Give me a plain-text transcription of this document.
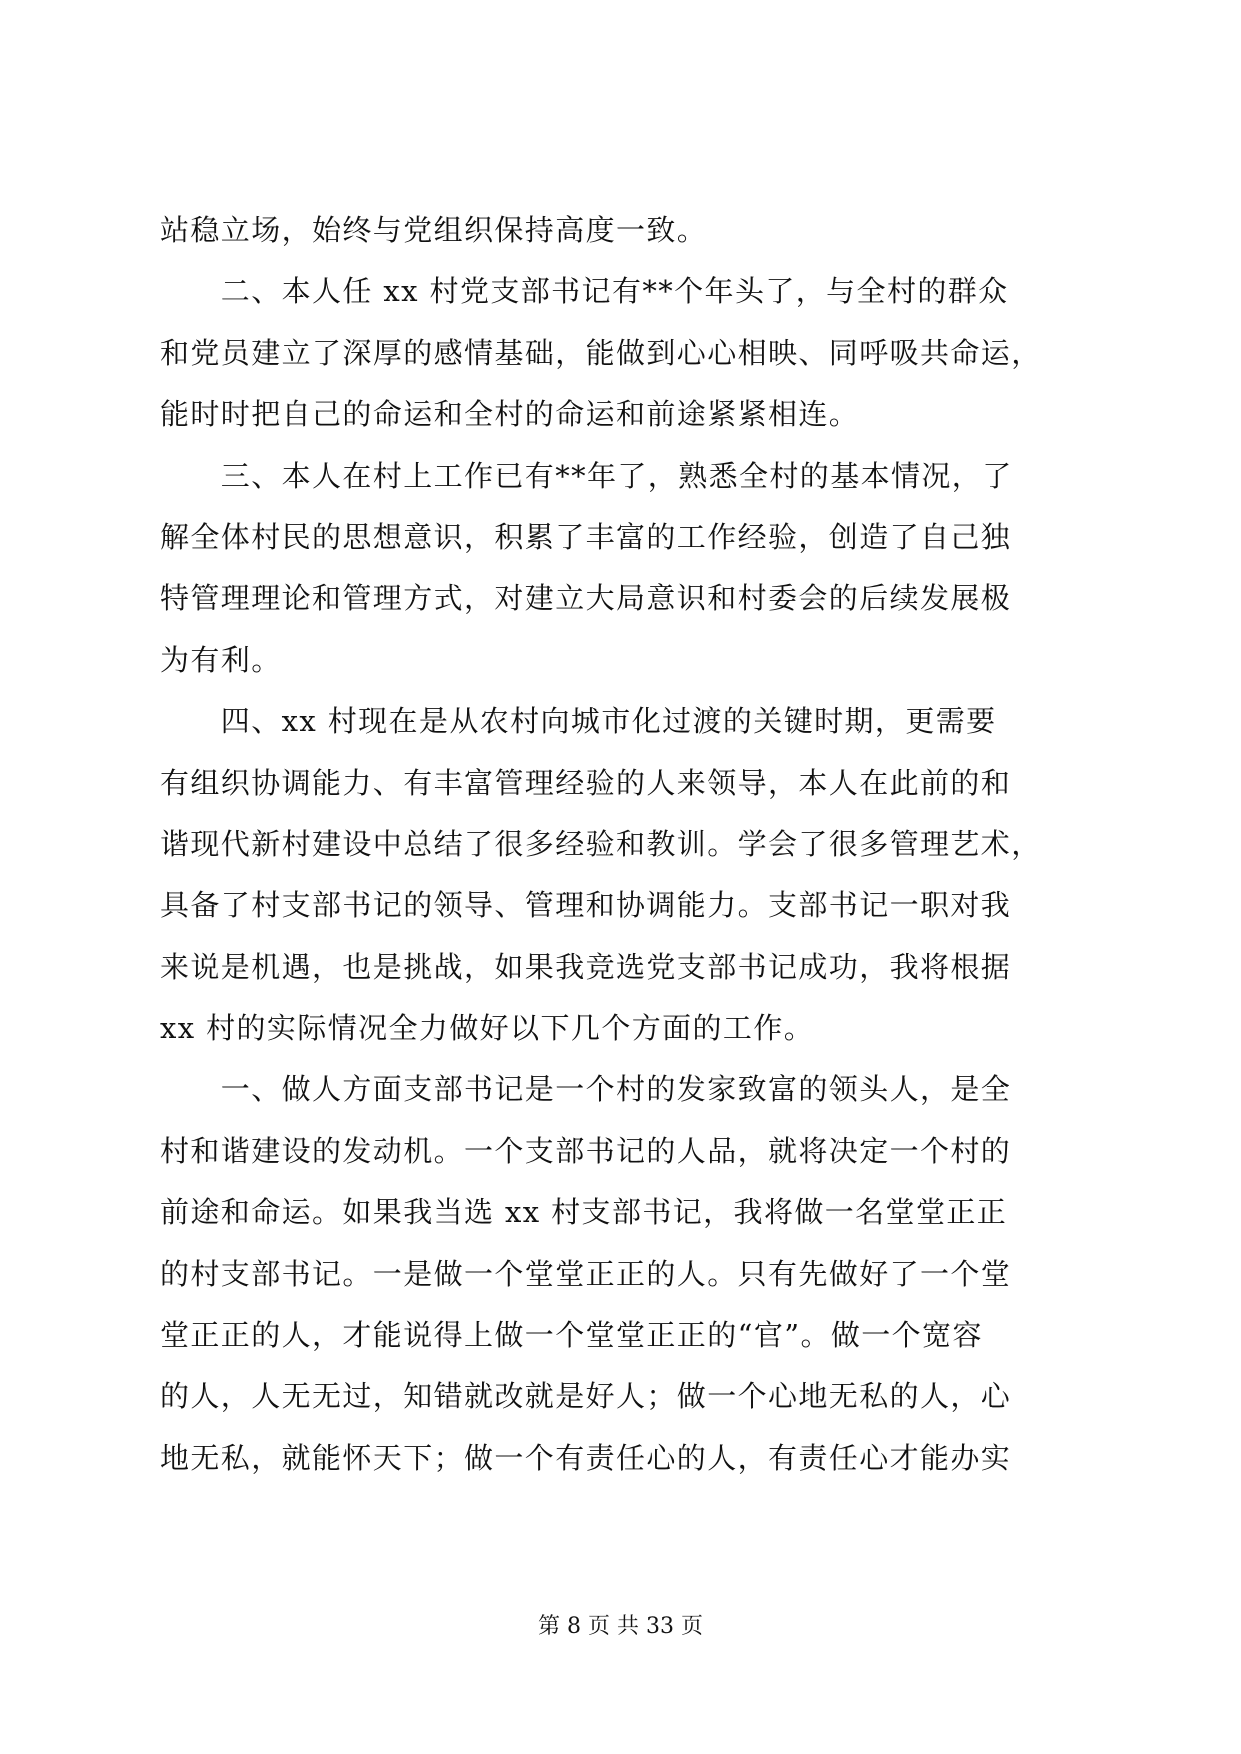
站稳立场，始终与党组织保持高度一致。
　　二、本人任 xx 村党支部书记有**个年头了，与全村的群众
和党员建立了深厚的感情基础，能做到心心相映、同呼吸共命运，
能时时把自己的命运和全村的命运和前途紧紧相连。
　　三、本人在村上工作已有**年了，熟悉全村的基本情况，了
解全体村民的思想意识，积累了丰富的工作经验，创造了自己独
特管理理论和管理方式，对建立大局意识和村委会的后续发展极
为有利。
　　四、xx 村现在是从农村向城市化过渡的关键时期，更需要
有组织协调能力、有丰富管理经验的人来领导，本人在此前的和
谐现代新村建设中总结了很多经验和教训。学会了很多管理艺术，
具备了村支部书记的领导、管理和协调能力。支部书记一职对我
来说是机遇，也是挑战，如果我竞选党支部书记成功，我将根据
xx 村的实际情况全力做好以下几个方面的工作。
　　一、做人方面支部书记是一个村的发家致富的领头人，是全
村和谐建设的发动机。一个支部书记的人品，就将决定一个村的
前途和命运。如果我当选 xx 村支部书记，我将做一名堂堂正正
的村支部书记。一是做一个堂堂正正的人。只有先做好了一个堂
堂正正的人，才能说得上做一个堂堂正正的“官”。做一个宽容
的人，人无无过，知错就改就是好人；做一个心地无私的人，心
地无私，就能怀天下；做一个有责任心的人，有责任心才能办实
第 8 页 共 33 页
